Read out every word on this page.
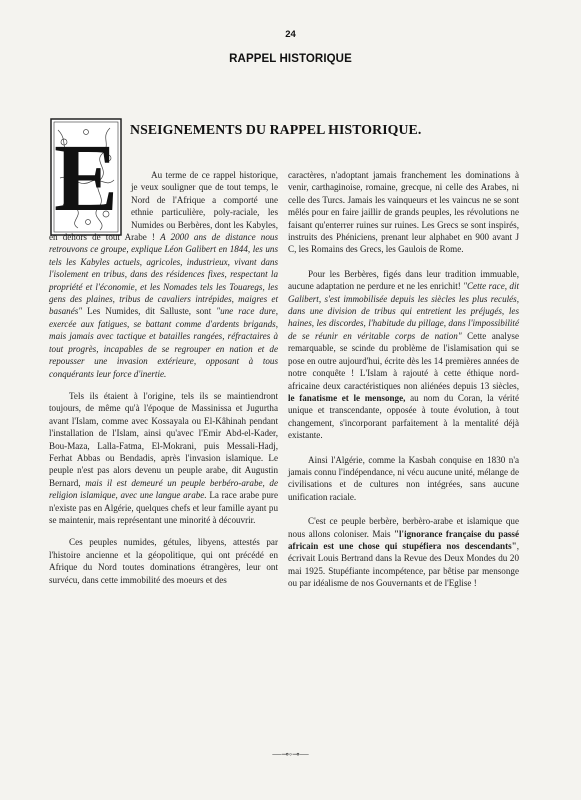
24
RAPPEL HISTORIQUE
E NSEIGNEMENTS DU RAPPEL HISTORIQUE.

Au terme de ce rappel historique, je veux souligner que de tout temps, le Nord de l'Afrique a comporté une ethnie particulière, poly-raciale, les Numides ou Berbères, dont les Kabyles, en dehors de tout Arabe ! A 2000 ans de distance nous retrouvons ce groupe, explique Léon Galibert en 1844, les uns tels les Kabyles actuels, agricoles, industrieux, vivant dans l'isolement en tribus, dans des résidences fixes, respectant la propriété et l'économie, et les Nomades tels les Touaregs, les gens des plaines, tribus de cavaliers intrépides, maigres et basanés" Les Numides, dit Salluste, sont "une race dure, exercée aux fatigues, se battant comme d'ardents brigands, mais jamais avec tactique et batailles rangées, réfractaires à tout progrès, incapables de se regrouper en nation et de repousser une invasion extérieure, opposant à tous conquérants leur force d'inertie.

Tels ils étaient à l'origine, tels ils se maintiendront toujours, de même qu'à l'époque de Massinissa et Jugurtha avant l'Islam, comme avec Kossayala ou El-Kâhinah pendant l'installation de l'Islam, ainsi qu'avec l'Emir Abd-el-Kader, Bou-Maza, Lalla-Fatma, El-Mokrani, puis Messali-Hadj, Ferhat Abbas ou Bendadis, après l'invasion islamique. Le peuple n'est pas alors devenu un peuple arabe, dit Augustin Bernard, mais il est demeuré un peuple berbéro-arabe, de religion islamique, avec une langue arabe. La race arabe pure n'existe pas en Algérie, quelques chefs et leur famille ayant pu se maintenir, mais représentant une minorité à découvrir.

Ces peuples numides, gétules, libyens, attestés par l'histoire ancienne et la géopolitique, qui ont précédé en Afrique du Nord toutes dominations étrangères, leur ont survécu, dans cette immobilité des moeurs et des

caractères, n'adoptant jamais franchement les dominations à venir, carthaginoise, romaine, grecque, ni celle des Arabes, ni celle des Turcs. Jamais les vainqueurs et les vaincus ne se sont mêlés pour en faire jaillir de grands peuples, les révolutions ne faisant qu'enterrer ruines sur ruines. Les Grecs se sont inspirés, instruits des Phéniciens, prenant leur alphabet en 900 avant J C, les Romains des Grecs, les Gaulois de Rome.

Pour les Berbères, figés dans leur tradition immuable, aucune adaptation ne perdure et ne les enrichit! "Cette race, dit Galibert, s'est immobilisée depuis les siècles les plus reculés, dans une division de tribus qui entretient les préjugés, les haines, les discordes, l'habitude du pillage, dans l'impossibilité de se réunir en véritable corps de nation" Cette analyse remarquable, se scinde du problème de l'islamisation qui se pose en outre aujourd'hui, écrite dès les 14 premières années de notre conquête ! L'Islam à rajouté à cette éthique nord-africaine deux caractéristiques non aliénées depuis 13 siècles, le fanatisme et le mensonge, au nom du Coran, la vérité unique et transcendante, opposée à toute évolution, à tout changement, s'incorporant parfaitement à la mentalité déjà existante.

Ainsi l'Algérie, comme la Kasbah conquise en 1830 n'a jamais connu l'indépendance, ni vécu aucune unité, mélange de civilisations et de cultures non intégrées, sans aucune unification raciale.

C'est ce peuple berbère, berbèro-arabe et islamique que nous allons coloniser. Mais "l'ignorance française du passé africain est une chose qui stupéfiera nos descendants", écrivait Louis Bertrand dans la Revue des Deux Mondes du 20 mai 1925. Stupéfiante incompétence, par bêtise par mensonge ou par idéalisme de nos Gouvernants et de l'Eglise !

—⊸◦⊸—
